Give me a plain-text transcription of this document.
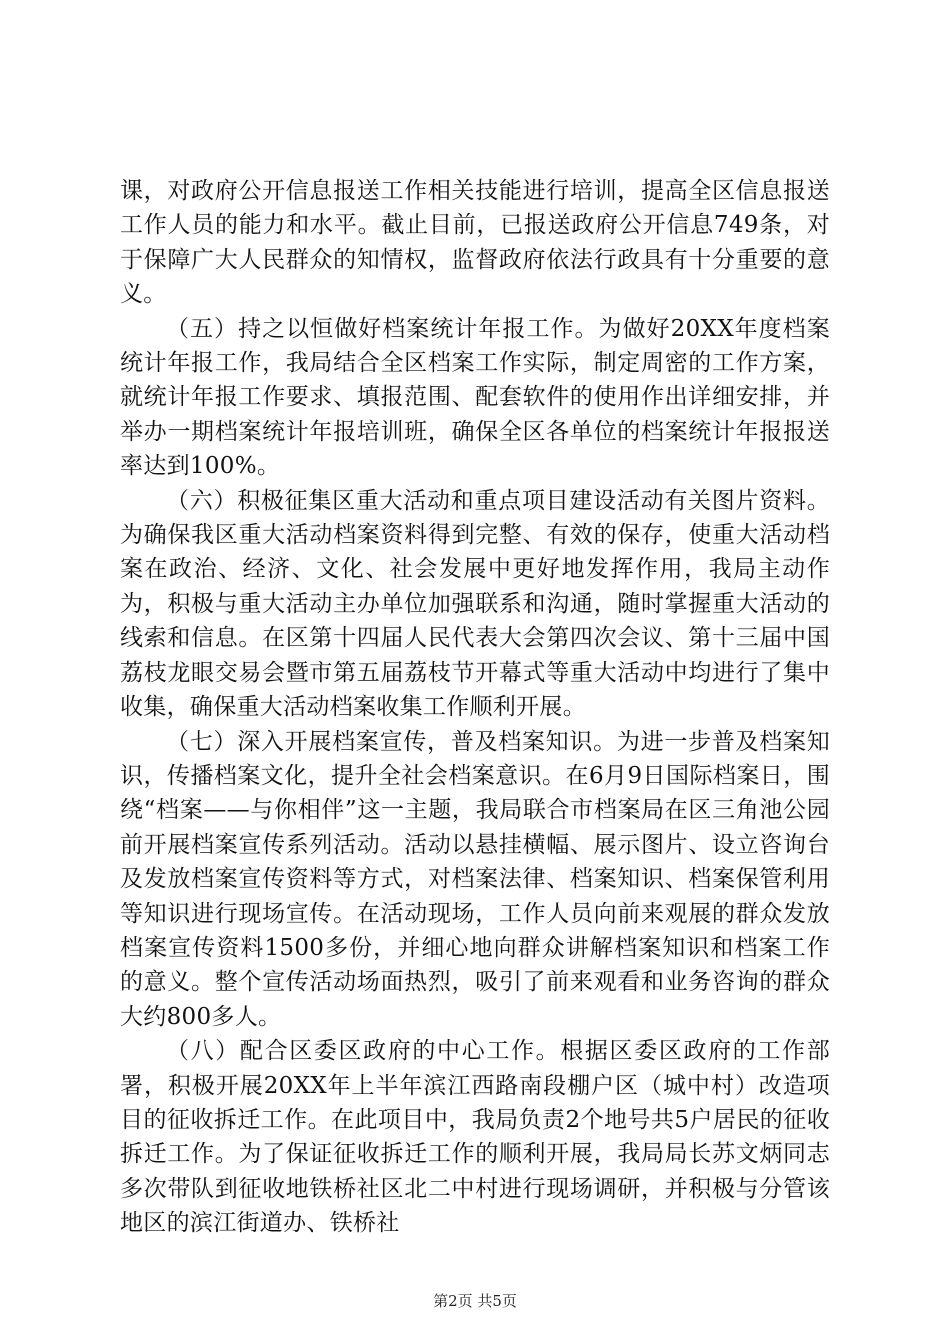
课，对政府公开信息报送工作相关技能进行培训，提高全区信息报送工作人员的能力和水平。截止目前，已报送政府公开信息749条，对于保障广大人民群众的知情权，监督政府依法行政具有十分重要的意义。

（五）持之以恒做好档案统计年报工作。为做好20XX年度档案统计年报工作，我局结合全区档案工作实际，制定周密的工作方案，就统计年报工作要求、填报范围、配套软件的使用作出详细安排，并举办一期档案统计年报培训班，确保全区各单位的档案统计年报报送率达到100%。

（六）积极征集区重大活动和重点项目建设活动有关图片资料。为确保我区重大活动档案资料得到完整、有效的保存，使重大活动档案在政治、经济、文化、社会发展中更好地发挥作用，我局主动作为，积极与重大活动主办单位加强联系和沟通，随时掌握重大活动的线索和信息。在区第十四届人民代表大会第四次会议、第十三届中国荔枝龙眼交易会暨市第五届荔枝节开幕式等重大活动中均进行了集中收集，确保重大活动档案收集工作顺利开展。

（七）深入开展档案宣传，普及档案知识。为进一步普及档案知识，传播档案文化，提升全社会档案意识。在6月9日国际档案日，围绕“档案——与你相伴”这一主题，我局联合市档案局在区三角池公园前开展档案宣传系列活动。活动以悬挂横幅、展示图片、设立咨询台及发放档案宣传资料等方式，对档案法律、档案知识、档案保管利用等知识进行现场宣传。在活动现场，工作人员向前来观展的群众发放档案宣传资料1500多份，并细心地向群众讲解档案知识和档案工作的意义。整个宣传活动场面热烈，吸引了前来观看和业务咨询的群众大约800多人。

（八）配合区委区政府的中心工作。根据区委区政府的工作部署，积极开展20XX年上半年滨江西路南段棚户区（城中村）改造项目的征收拆迁工作。在此项目中，我局负责2个地号共5户居民的征收拆迁工作。为了保证征收拆迁工作的顺利开展，我局局长苏文炳同志多次带队到征收地铁桥社区北二中村进行现场调研，并积极与分管该地区的滨江街道办、铁桥社

第2页 共5页
